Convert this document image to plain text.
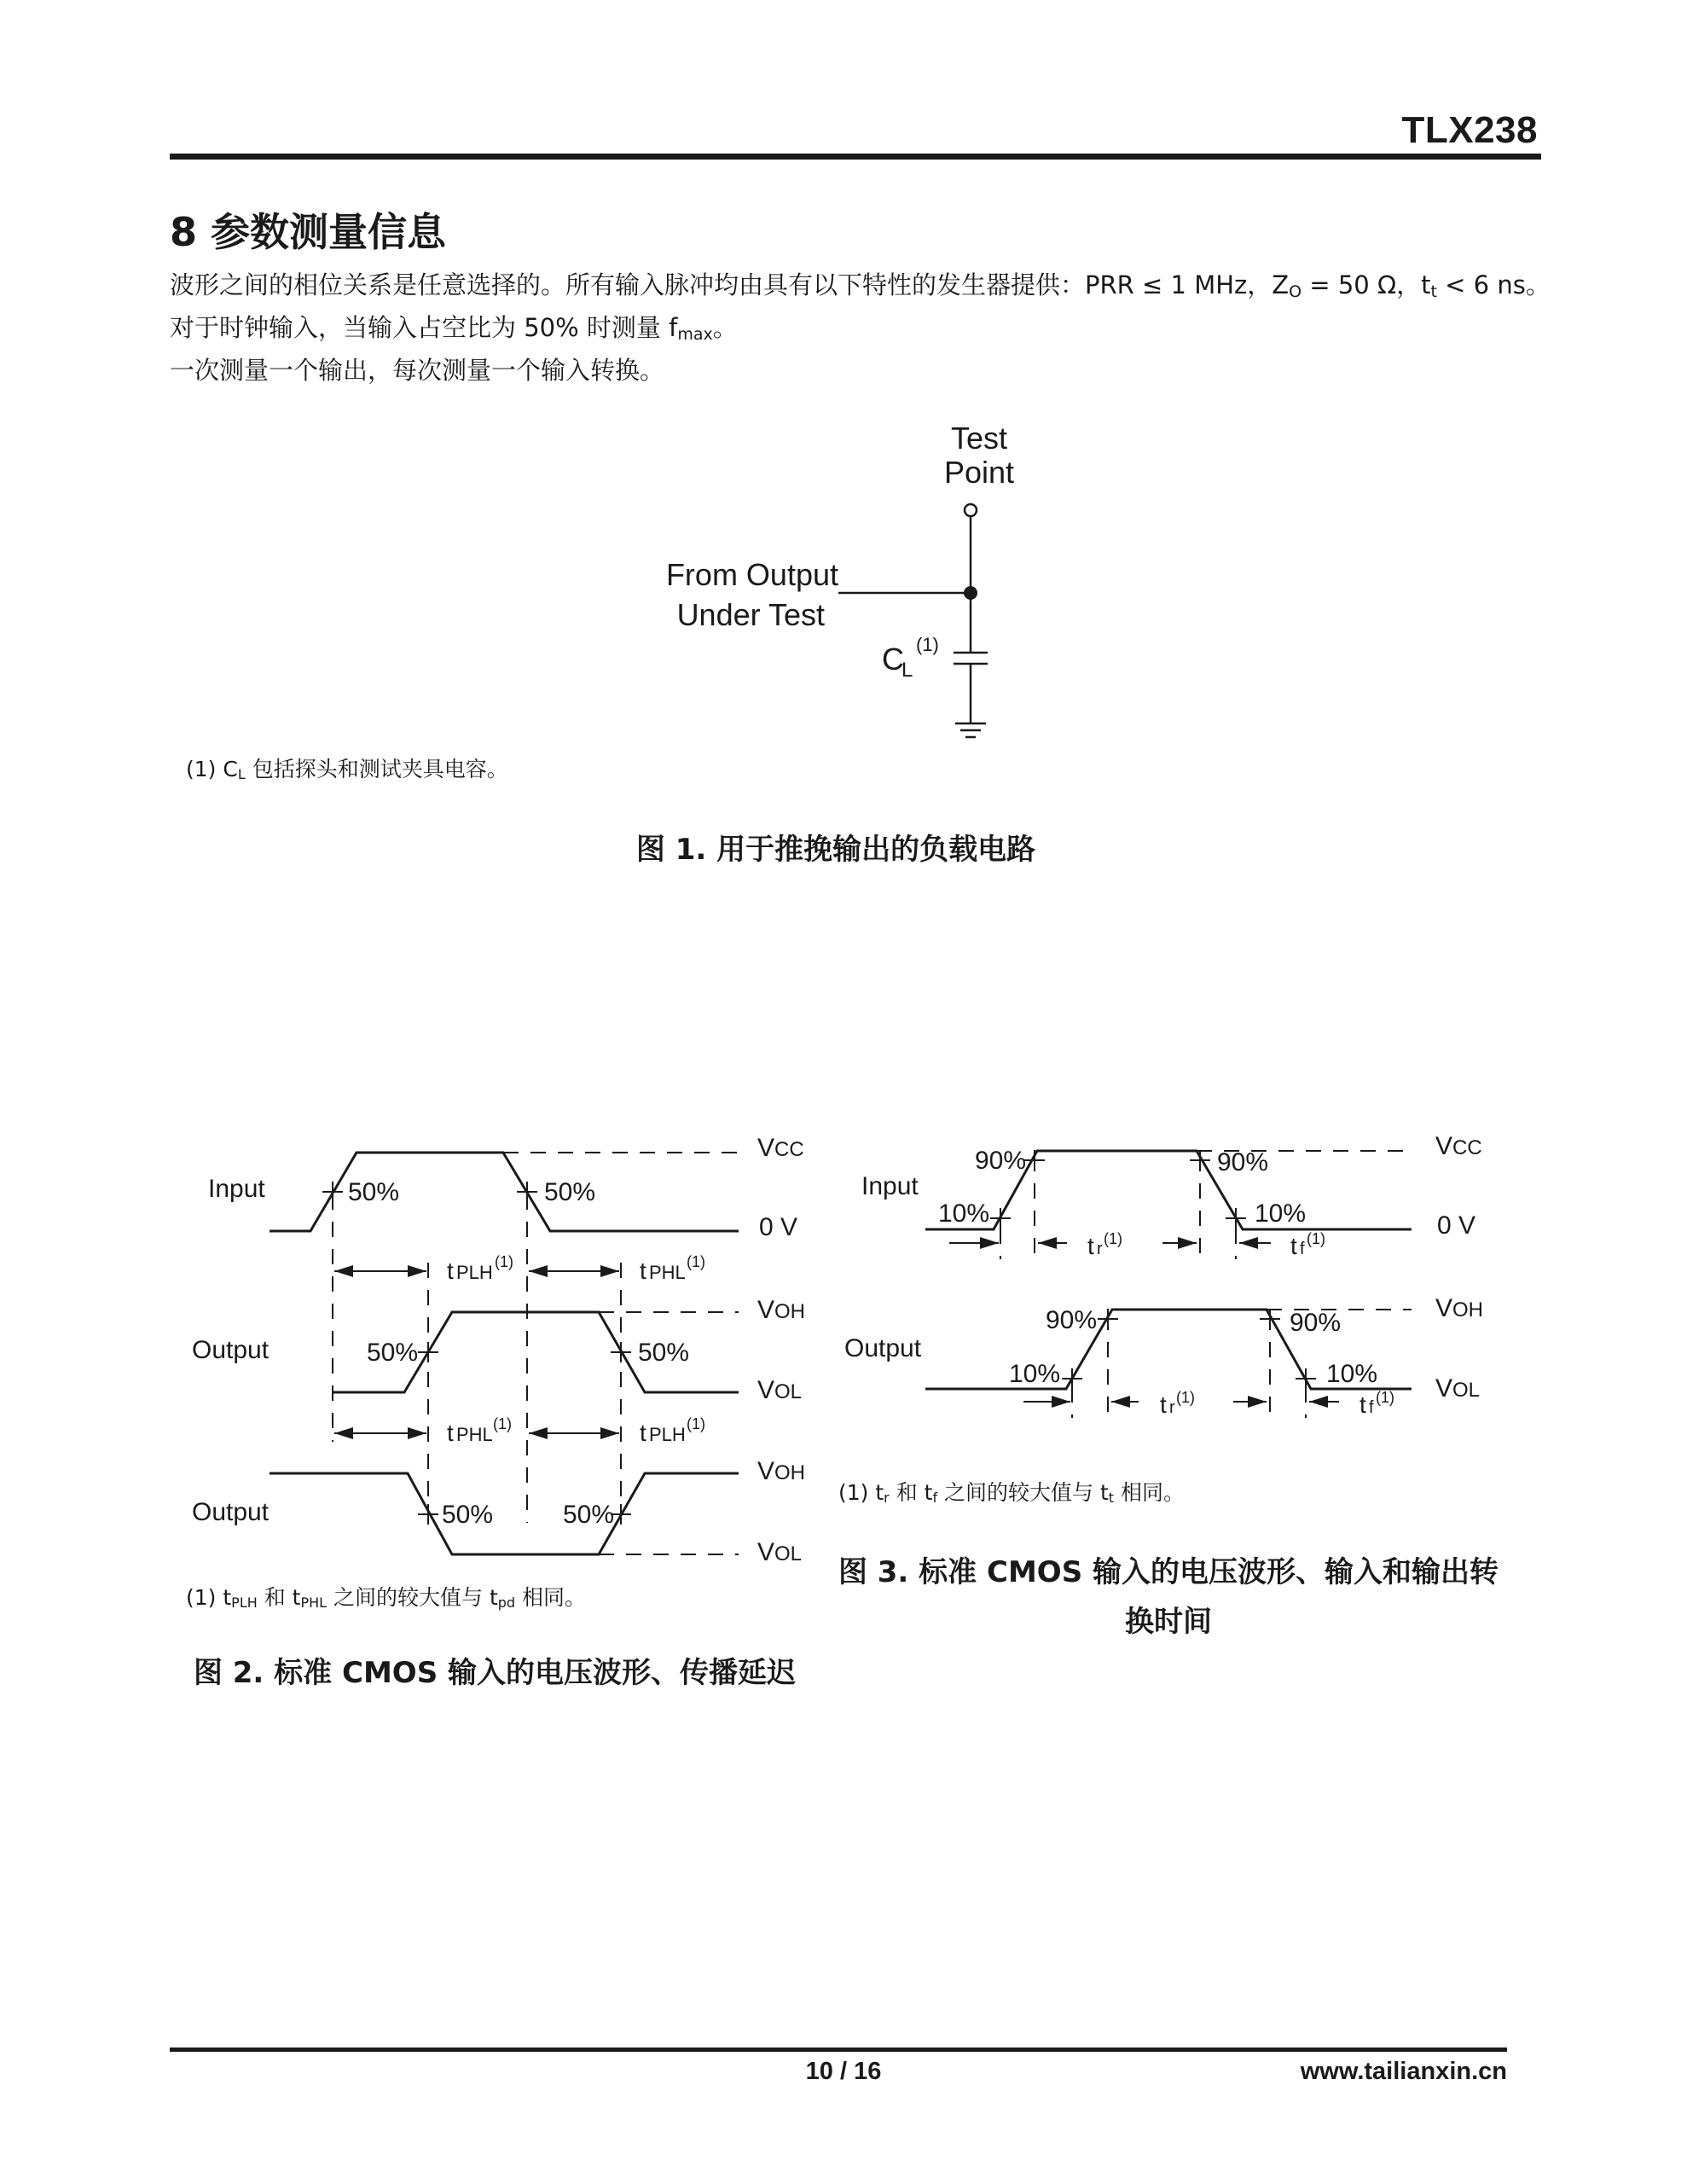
TLX238
8 参数测量信息
波形之间的相位关系是任意选择的。所有输入脉冲均由具有以下特性的发生器提供：PRR ≤ 1 MHz，$Z_O = 50$ Ω，$t_t < 6$ ns。
对于时钟输入，当输入占空比为 50% 时测量 $f_{max}$。
一次测量一个输出，每次测量一个输入转换。
Test
Point
From Output
Under Test
C
L
(1)
(1) $C_L$ 包括探头和测试夹具电容。
图 1. 用于推挽输出的负载电路
Input
Output
Output
V CC
0 V
V OH
V OL
V OH
V OL
50%	50%
50%	50%
50%	50%
t PLH (1)	t PHL (1)
t PHL (1)	t PLH (1)
(1) $t_{PLH}$ 和 $t_{PHL}$ 之间的较大值与 $t_{pd}$ 相同。
图 2. 标准 CMOS 输入的电压波形、传播延迟
Input
Output
V CC
0 V
V OH
V OL
90%	90%
10%	10%
90%	90%
10%	10%
t r
(1)	t f
(1)
t r
(1)	t f
(1)
(1) $t_r$ 和 $t_f$ 之间的较大值与 $t_t$ 相同。
图 3. 标准 CMOS 输入的电压波形、输入和输出转
换时间
10 / 16	www.tailianxin.cn
